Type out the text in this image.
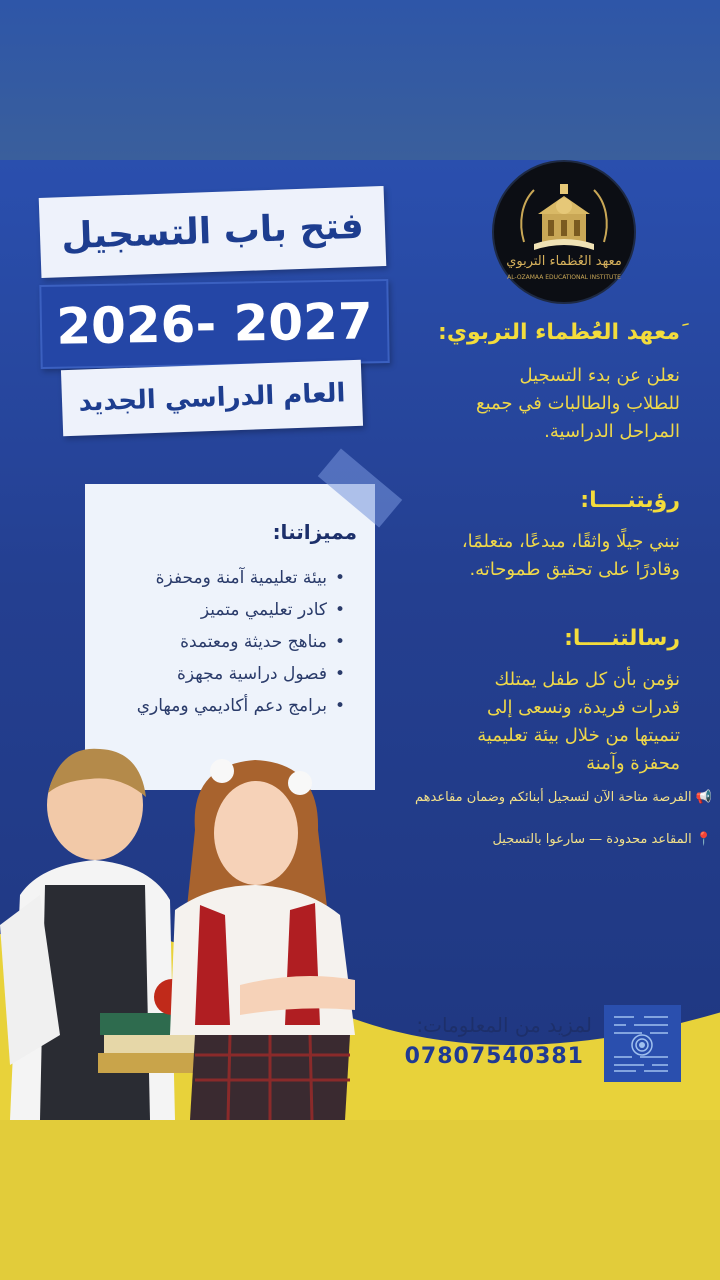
فتح باب التسجيل
2026- 2027
العام الدراسي الجديد
معهد العُظماء التربوي
AL-OZAMAA EDUCATIONAL INSTITUTE
َمعهد العُظماء التربوي:
نعلن عن بدء التسجيل
للطلاب والطالبات في جميع
المراحل الدراسية.
رؤيتنــــا:
نبني جيلًا واثقًا، مبدعًا، متعلمًا،
وقادرًا على تحقيق طموحاته.
رسالتنــــا:
نؤمن بأن كل طفل يمتلك
قدرات فريدة، ونسعى إلى
تنميتها من خلال بيئة تعليمية
محفزة وآمنة
مميزاتنا:
• بيئة تعليمية آمنة ومحفزة
• كادر تعليمي متميز
• مناهج حديثة ومعتمدة
• فصول دراسية مجهزة
• برامج دعم أكاديمي ومهاري
📢 الفرصة متاحة الآن لتسجيل أبنائكم وضمان مقاعدهم
📍 المقاعد محدودة — سارعوا بالتسجيل
لمزيد من المعلومات:
07807540381
